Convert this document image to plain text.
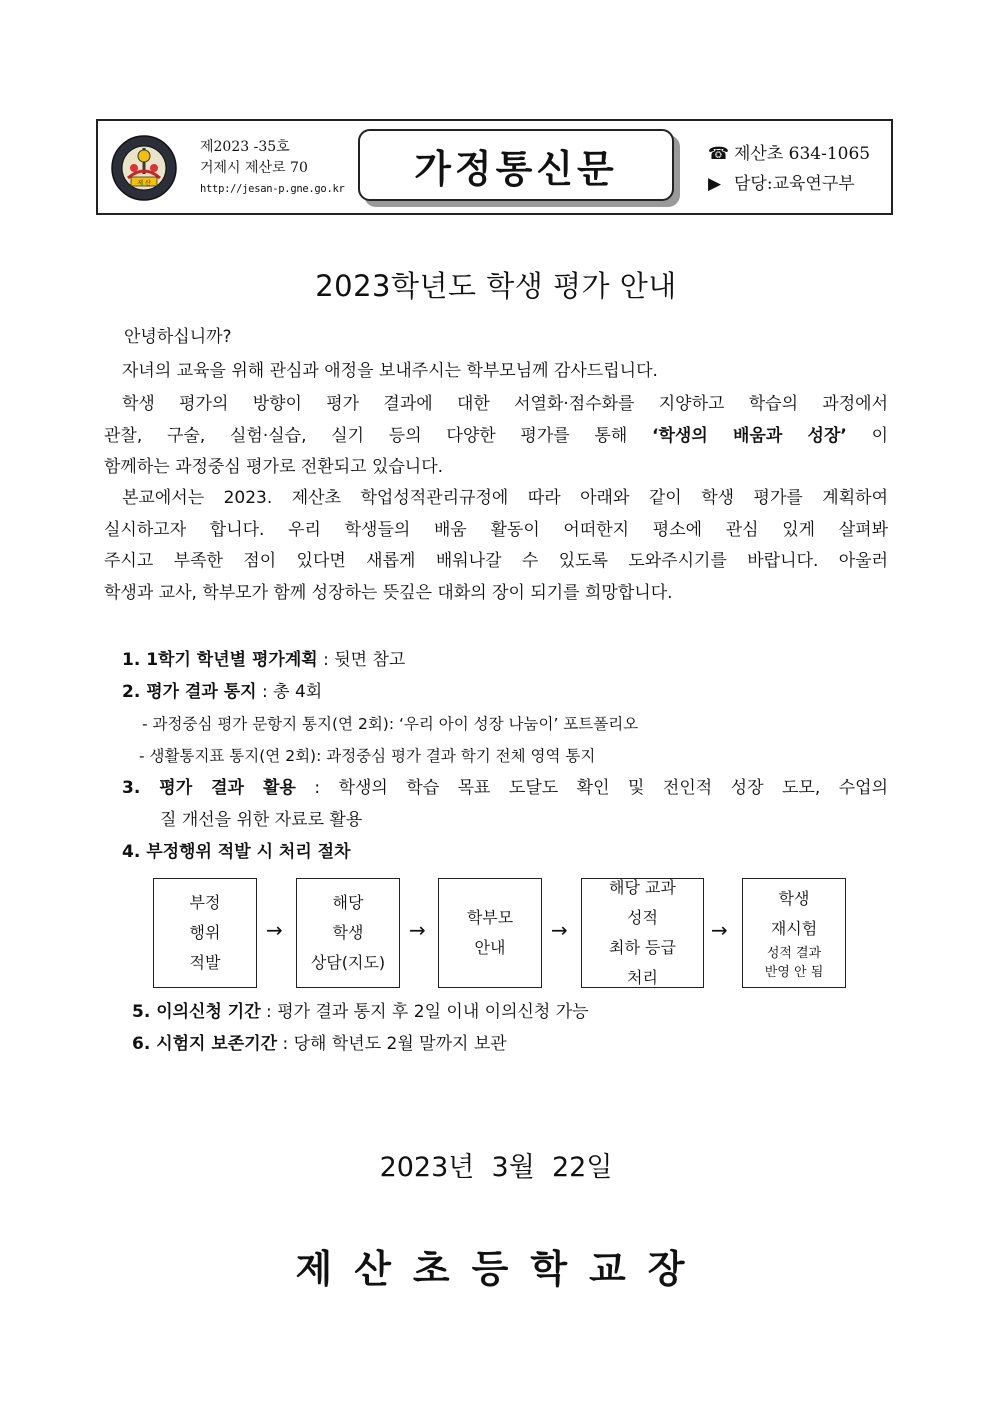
제 산
제2023 -35호
거제시 제산로 70
http://jesan-p.gne.go.kr 가정통신문	☎ 제산초 634-1065
▶ 담당:교육연구부
2023학년도 학생 평가 안내
안녕하십니까?
자녀의 교육을 위해 관심과 애정을 보내주시는 학부모님께 감사드립니다.
학생 평가의 방향이 평가 결과에 대한 서열화·점수화를 지양하고 학습의 과정에서
관찰, 구술, 실험·실습, 실기 등의 다양한 평가를 통해 ‘학생의 배움과 성장’ 이
함께하는 과정중심 평가로 전환되고 있습니다.
본교에서는 2023. 제산초 학업성적관리규정에 따라 아래와 같이 학생 평가를 계획하여
실시하고자 합니다. 우리 학생들의 배움 활동이 어떠한지 평소에 관심 있게 살펴봐
주시고 부족한 점이 있다면 새롭게 배워나갈 수 있도록 도와주시기를 바랍니다. 아울러
학생과 교사, 학부모가 함께 성장하는 뜻깊은 대화의 장이 되기를 희망합니다.
1. 1학기 학년별 평가계획 : 뒷면 참고
2. 평가 결과 통지 : 총 4회
- 과정중심 평가 문항지 통지(연 2회): ‘우리 아이 성장 나눔이’ 포트폴리오
- 생활통지표 통지(연 2회): 과정중심 평가 결과 학기 전체 영역 통지
3. 평가 결과 활용 : 학생의 학습 목표 도달도 확인 및 전인적 성장 도모, 수업의
질 개선을 위한 자료로 활용
4. 부정행위 적발 시 처리 절차
부정
행위
적발
→
해당
학생
상담(지도)
→
학부모
안내
→
해당 교과
성적
최하 등급
처리
→
학생
재시험
성적 결과
반영 안 됨
5. 이의신청 기간 : 평가 결과 통지 후 2일 이내 이의신청 가능
6. 시험지 보존기간 : 당해 학년도 2월 말까지 보관
2023년  3월  22일
제산초등학교장
